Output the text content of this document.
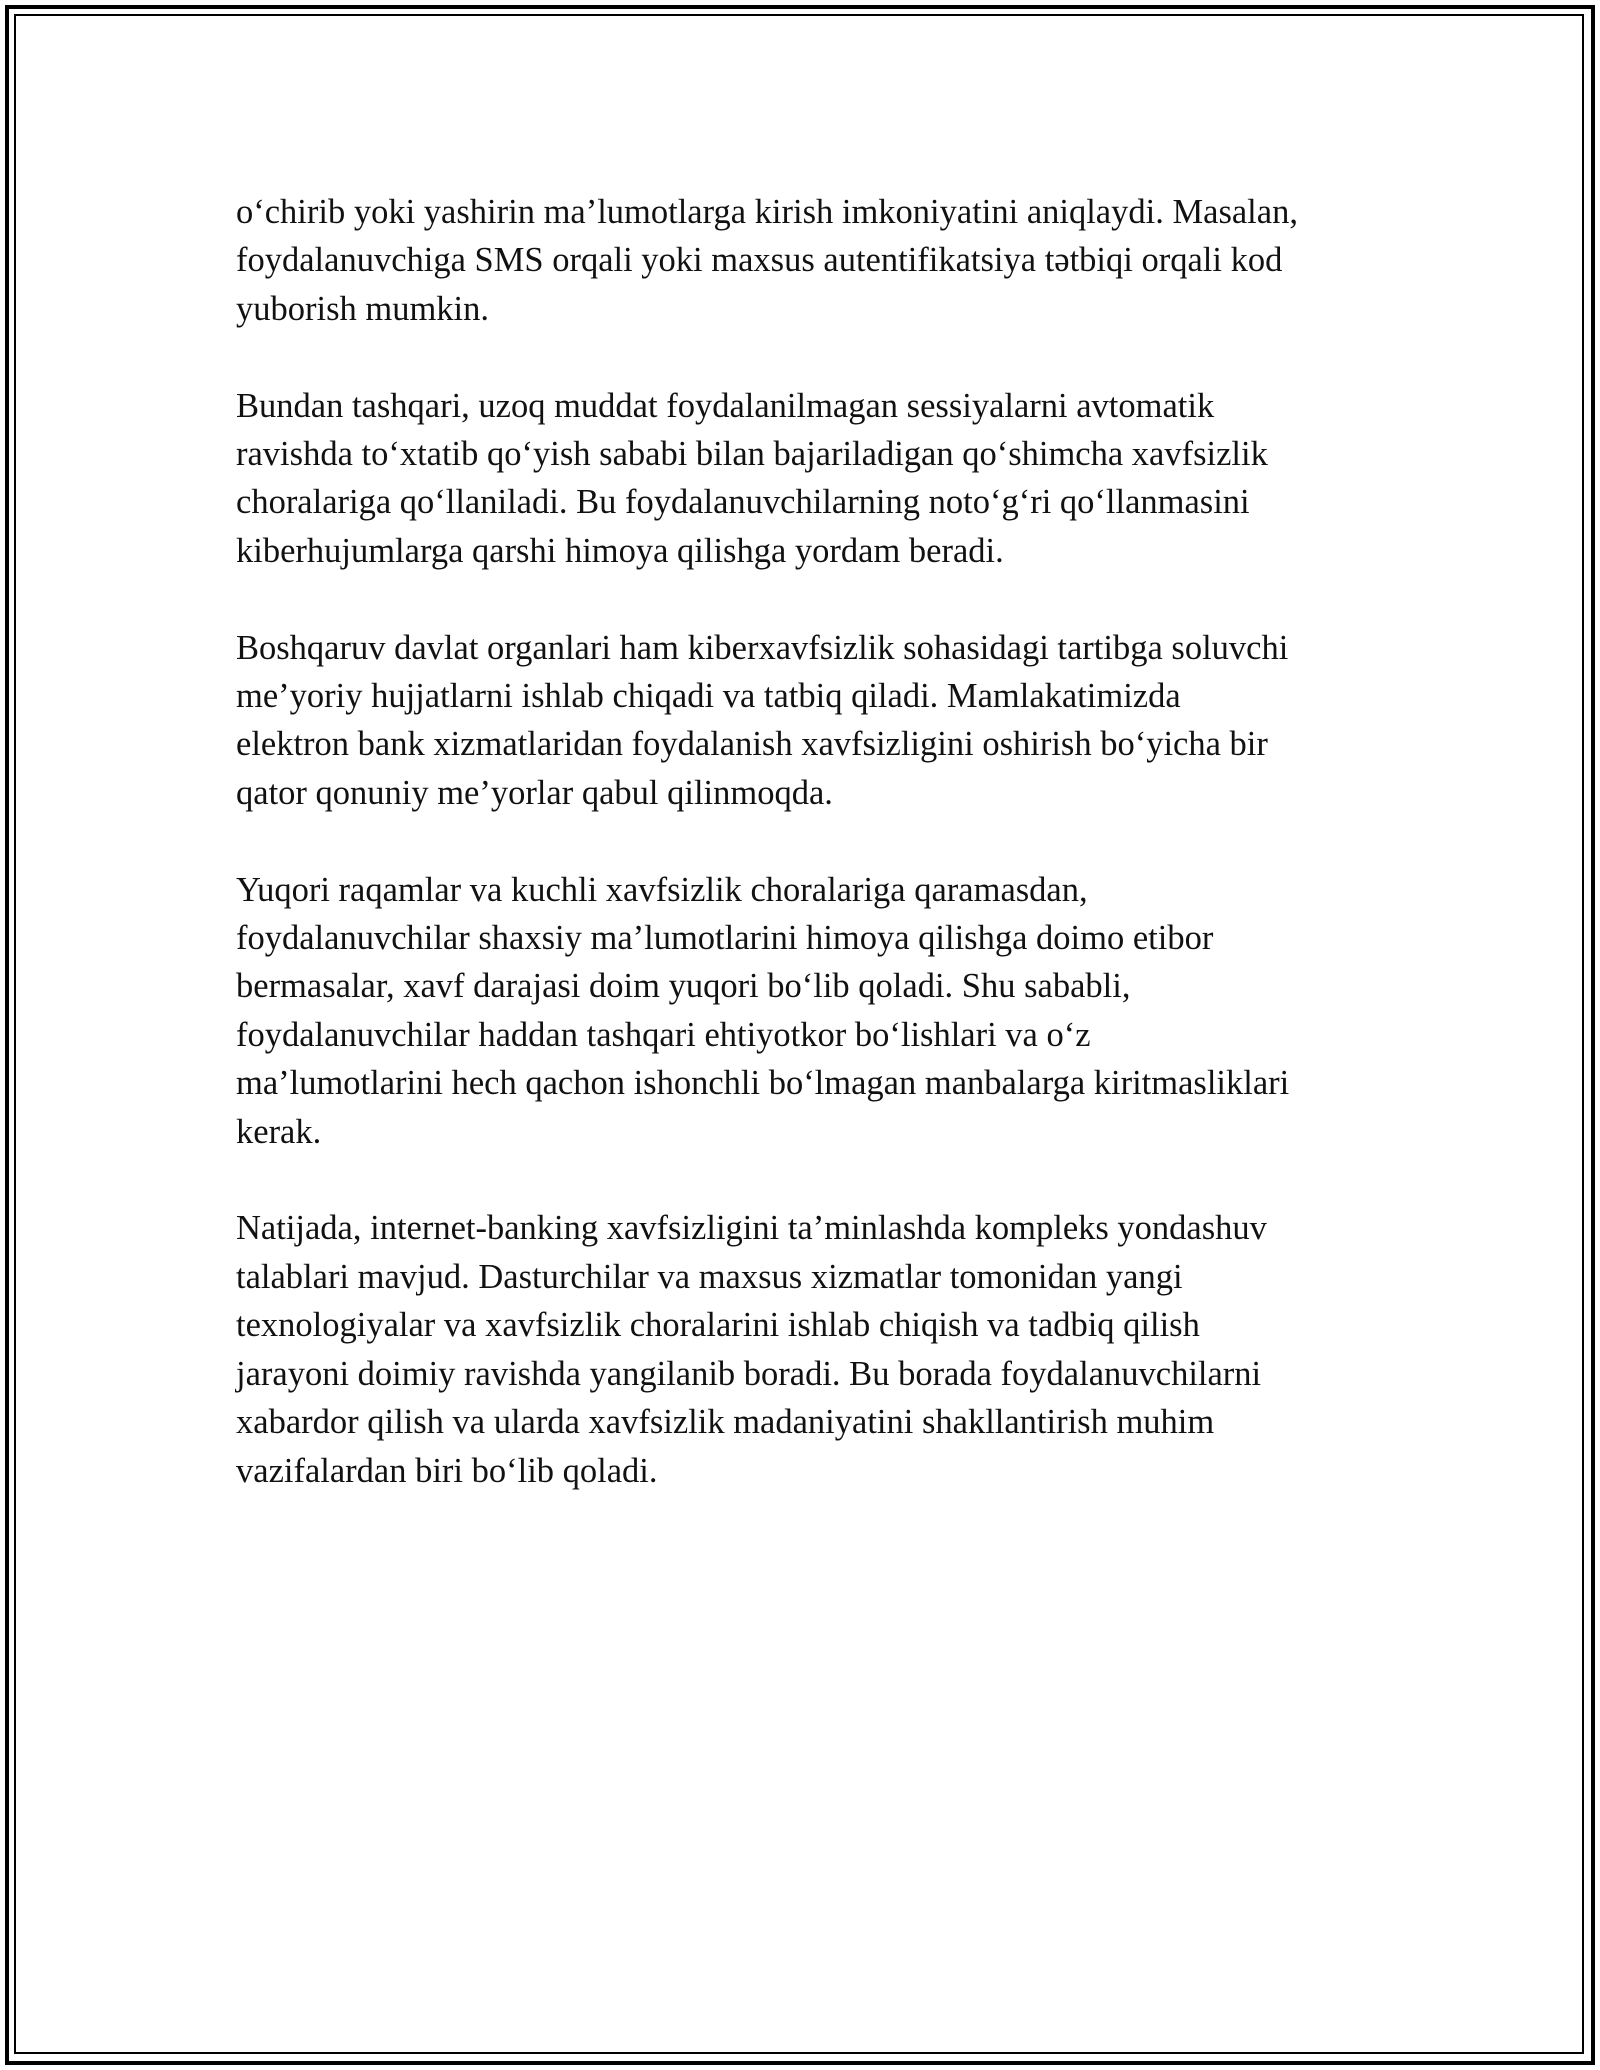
o‘chirib yoki yashirin ma’lumotlarga kirish imkoniyatini aniqlaydi. Masalan,
foydalanuvchiga SMS orqali yoki maxsus autentifikatsiya tətbiqi orqali kod
yuborish mumkin.

Bundan tashqari, uzoq muddat foydalanilmagan sessiyalarni avtomatik
ravishda to‘xtatib qo‘yish sababi bilan bajariladigan qo‘shimcha xavfsizlik
choralariga qo‘llaniladi. Bu foydalanuvchilarning noto‘g‘ri qo‘llanmasini
kiberhujumlarga qarshi himoya qilishga yordam beradi.

Boshqaruv davlat organlari ham kiberxavfsizlik sohasidagi tartibga soluvchi
me’yoriy hujjatlarni ishlab chiqadi va tatbiq qiladi. Mamlakatimizda
elektron bank xizmatlaridan foydalanish xavfsizligini oshirish bo‘yicha bir
qator qonuniy me’yorlar qabul qilinmoqda.

Yuqori raqamlar va kuchli xavfsizlik choralariga qaramasdan,
foydalanuvchilar shaxsiy ma’lumotlarini himoya qilishga doimo etibor
bermasalar, xavf darajasi doim yuqori bo‘lib qoladi. Shu sababli,
foydalanuvchilar haddan tashqari ehtiyotkor bo‘lishlari va o‘z
ma’lumotlarini hech qachon ishonchli bo‘lmagan manbalarga kiritmasliklari
kerak.

Natijada, internet-banking xavfsizligini ta’minlashda kompleks yondashuv
talablari mavjud. Dasturchilar va maxsus xizmatlar tomonidan yangi
texnologiyalar va xavfsizlik choralarini ishlab chiqish va tadbiq qilish
jarayoni doimiy ravishda yangilanib boradi. Bu borada foydalanuvchilarni
xabardor qilish va ularda xavfsizlik madaniyatini shakllantirish muhim
vazifalardan biri bo‘lib qoladi.
